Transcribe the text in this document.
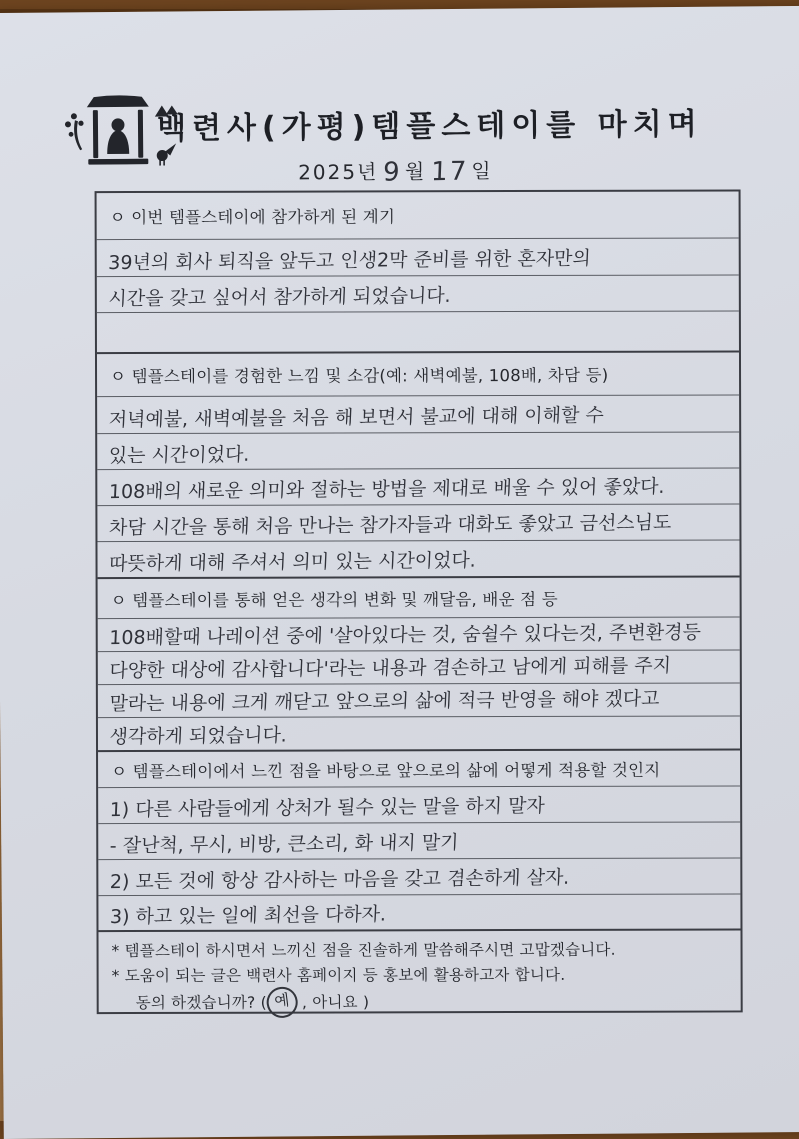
백련사(가평)템플스테이를 마치며
2025년 9 월 17 일
ㅇ 이번 템플스테이에 참가하게 된 계기
39년의 회사 퇴직을 앞두고 인생2막 준비를 위한 혼자만의
시간을 갖고 싶어서 참가하게 되었습니다.
ㅇ 템플스테이를 경험한 느낌 및 소감(예: 새벽예불, 108배, 차담 등)
저녁예불, 새벽예불을 처음 해 보면서 불교에 대해 이해할 수
있는 시간이었다.
108배의 새로운 의미와 절하는 방법을 제대로 배울 수 있어 좋았다.
차담 시간을 통해 처음 만나는 참가자들과 대화도 좋았고 금선스님도
따뜻하게 대해 주셔서 의미 있는 시간이었다.
ㅇ 템플스테이를 통해 얻은 생각의 변화 및 깨달음, 배운 점 등
108배할때 나레이션 중에 '살아있다는 것, 숨쉴수 있다는것, 주변환경등
다양한 대상에 감사합니다'라는 내용과 겸손하고 남에게 피해를 주지
말라는 내용에 크게 깨닫고 앞으로의 삶에 적극 반영을 해야 겠다고
생각하게 되었습니다.
ㅇ 템플스테이에서 느낀 점을 바탕으로 앞으로의 삶에 어떻게 적용할 것인지
1) 다른 사람들에게 상처가 될수 있는 말을 하지 말자
- 잘난척, 무시, 비방, 큰소리, 화 내지 말기
2) 모든 것에 항상 감사하는 마음을 갖고 겸손하게 살자.
3) 하고 있는 일에 최선을 다하자.
* 템플스테이 하시면서 느끼신 점을 진솔하게 말씀해주시면 고맙겠습니다.
* 도움이 되는 글은 백련사 홈페이지 등 홍보에 활용하고자 합니다.
동의 하겠습니까? ( 예 , 아니요 )
